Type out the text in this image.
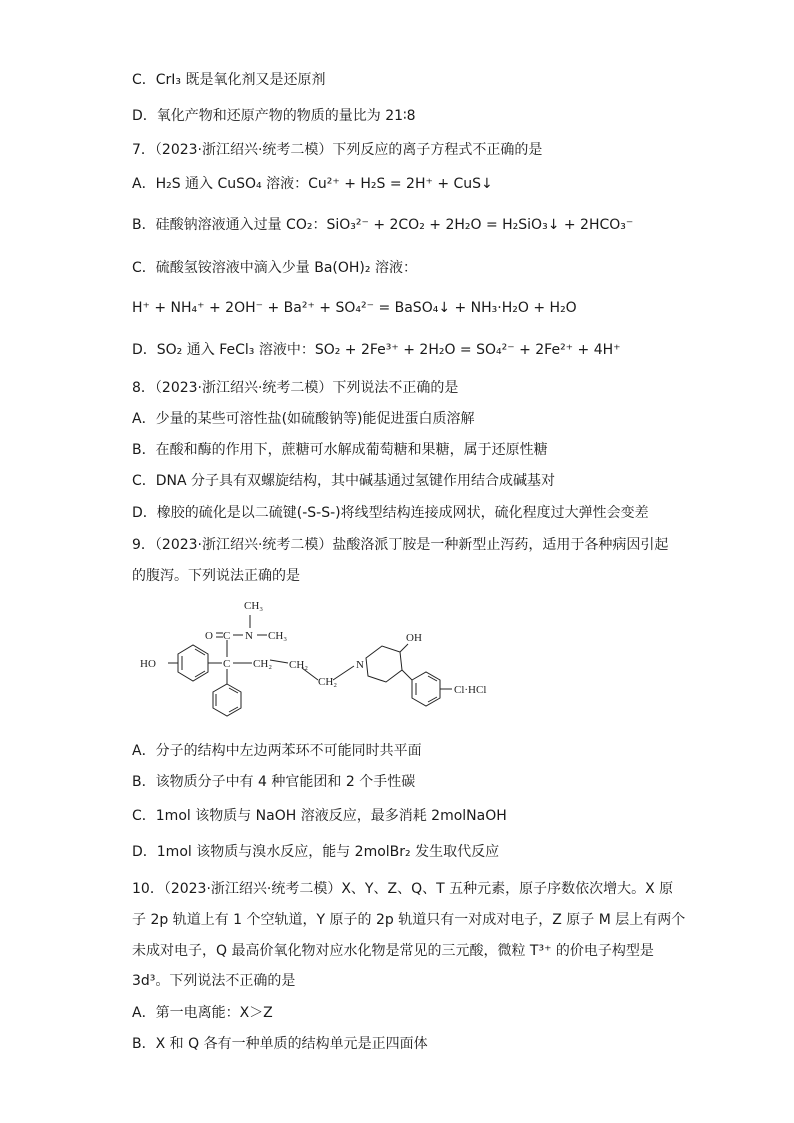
C．CrI₃ 既是氧化剂又是还原剂
D．氧化产物和还原产物的物质的量比为 21∶8
7．（2023·浙江绍兴·统考二模）下列反应的离子方程式不正确的是
A．H₂S 通入 CuSO₄ 溶液：Cu²⁺ + H₂S = 2H⁺ + CuS↓
B．硅酸钠溶液通入过量 CO₂：SiO₃²⁻ + 2CO₂ + 2H₂O = H₂SiO₃↓ + 2HCO₃⁻
C．硫酸氢铵溶液中滴入少量 Ba(OH)₂ 溶液：
H⁺ + NH₄⁺ + 2OH⁻ + Ba²⁺ + SO₄²⁻ = BaSO₄↓ + NH₃·H₂O + H₂O
D．SO₂ 通入 FeCl₃ 溶液中：SO₂ + 2Fe³⁺ + 2H₂O = SO₄²⁻ + 2Fe²⁺ + 4H⁺
8．（2023·浙江绍兴·统考二模）下列说法不正确的是
A．少量的某些可溶性盐(如硫酸钠等)能促进蛋白质溶解
B．在酸和酶的作用下，蔗糖可水解成葡萄糖和果糖，属于还原性糖
C．DNA 分子具有双螺旋结构，其中碱基通过氢键作用结合成碱基对
D．橡胶的硫化是以二硫键(-S-S-)将线型结构连接成网状，硫化程度过大弹性会变差
9．（2023·浙江绍兴·统考二模）盐酸洛派丁胺是一种新型止泻药，适用于各种病因引起
的腹泻。下列说法正确的是
CH₃
O C N CH₃
HO	C CH₂ CH₂
CH₂
N
OH
Cl·HCl
A．分子的结构中左边两苯环不可能同时共平面
B．该物质分子中有 4 种官能团和 2 个手性碳
C．1mol 该物质与 NaOH 溶液反应，最多消耗 2molNaOH
D．1mol 该物质与溴水反应，能与 2molBr₂ 发生取代反应
10．（2023·浙江绍兴·统考二模）X、Y、Z、Q、T 五种元素，原子序数依次增大。X 原
子 2p 轨道上有 1 个空轨道，Y 原子的 2p 轨道只有一对成对电子，Z 原子 M 层上有两个
未成对电子，Q 最高价氧化物对应水化物是常见的三元酸，微粒 T³⁺ 的价电子构型是
3d³。下列说法不正确的是
A．第一电离能：X＞Z
B．X 和 Q 各有一种单质的结构单元是正四面体
